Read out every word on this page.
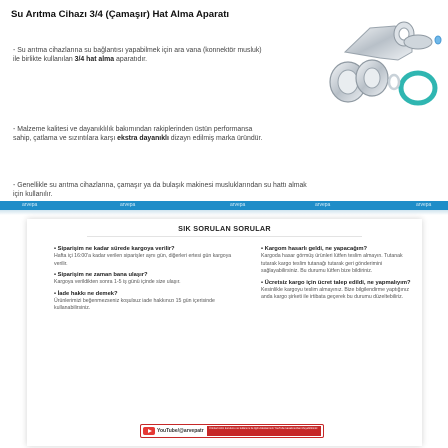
Su Arıtma Cihazı 3/4 (Çamaşır) Hat Alma Aparatı
- Su arıtma cihazlarına su bağlantısı yapabilmek için ara vana (konnektör musluk) ile birlikte kullanılan 3/4 hat alma aparatıdır.
- Malzeme kalitesi ve dayanıklılık bakımından rakiplerinden üstün performansa sahip, çatlama ve sızıntılara karşı ekstra dayanıklı dizayn edilmiş marka üründür.
- Genellikle su arıtma cihazlarına, çamaşır ya da bulaşık makinesi musluklarından su hattı almak için kullanılır.
arvepa	arvepa	arvepa	arvepa	arvepa
SIK SORULAN SORULAR
• Siparişim ne kadar sürede kargoya verilir?
Hafta içi 16:00'a kadar verilen siparişler aynı gün, diğerleri ertesi gün kargoya verilir.
• Siparişim ne zaman bana ulaşır?
Kargoya verildikten sonra 1-5 iş günü içinde size ulaşır.
• İade hakkı ne demek?
Ürünlerimizi beğenmezseniz koşulsuz iade hakkınızı 15 gün içerisinde kullanabilirsiniz.
• Kargom hasarlı geldi, ne yapacağım?
Kargoda hasar görmüş ürünleri lütfen teslim almayın. Tutanak tutarak kargo teslim tutanağı tutarak geri gönderimini sağlayabilirsiniz. Bu durumu lütfen bize bildiriniz.
• Ücretsiz kargo için ücret talep edildi, ne yapmalıyım?
Kesinlikle kargoyu teslim almayınız. Bize bilgilendirme yaptığınız anda kargo şirketi ile irtibata geçerek bu durumu düzeltebiliriz.
YouTube/@arvepatr	Ürünlerimizin kurulumu ve kullanımı ile ilgili videolarımızı YouTube kanalımızdan izleyebilirsiniz.
